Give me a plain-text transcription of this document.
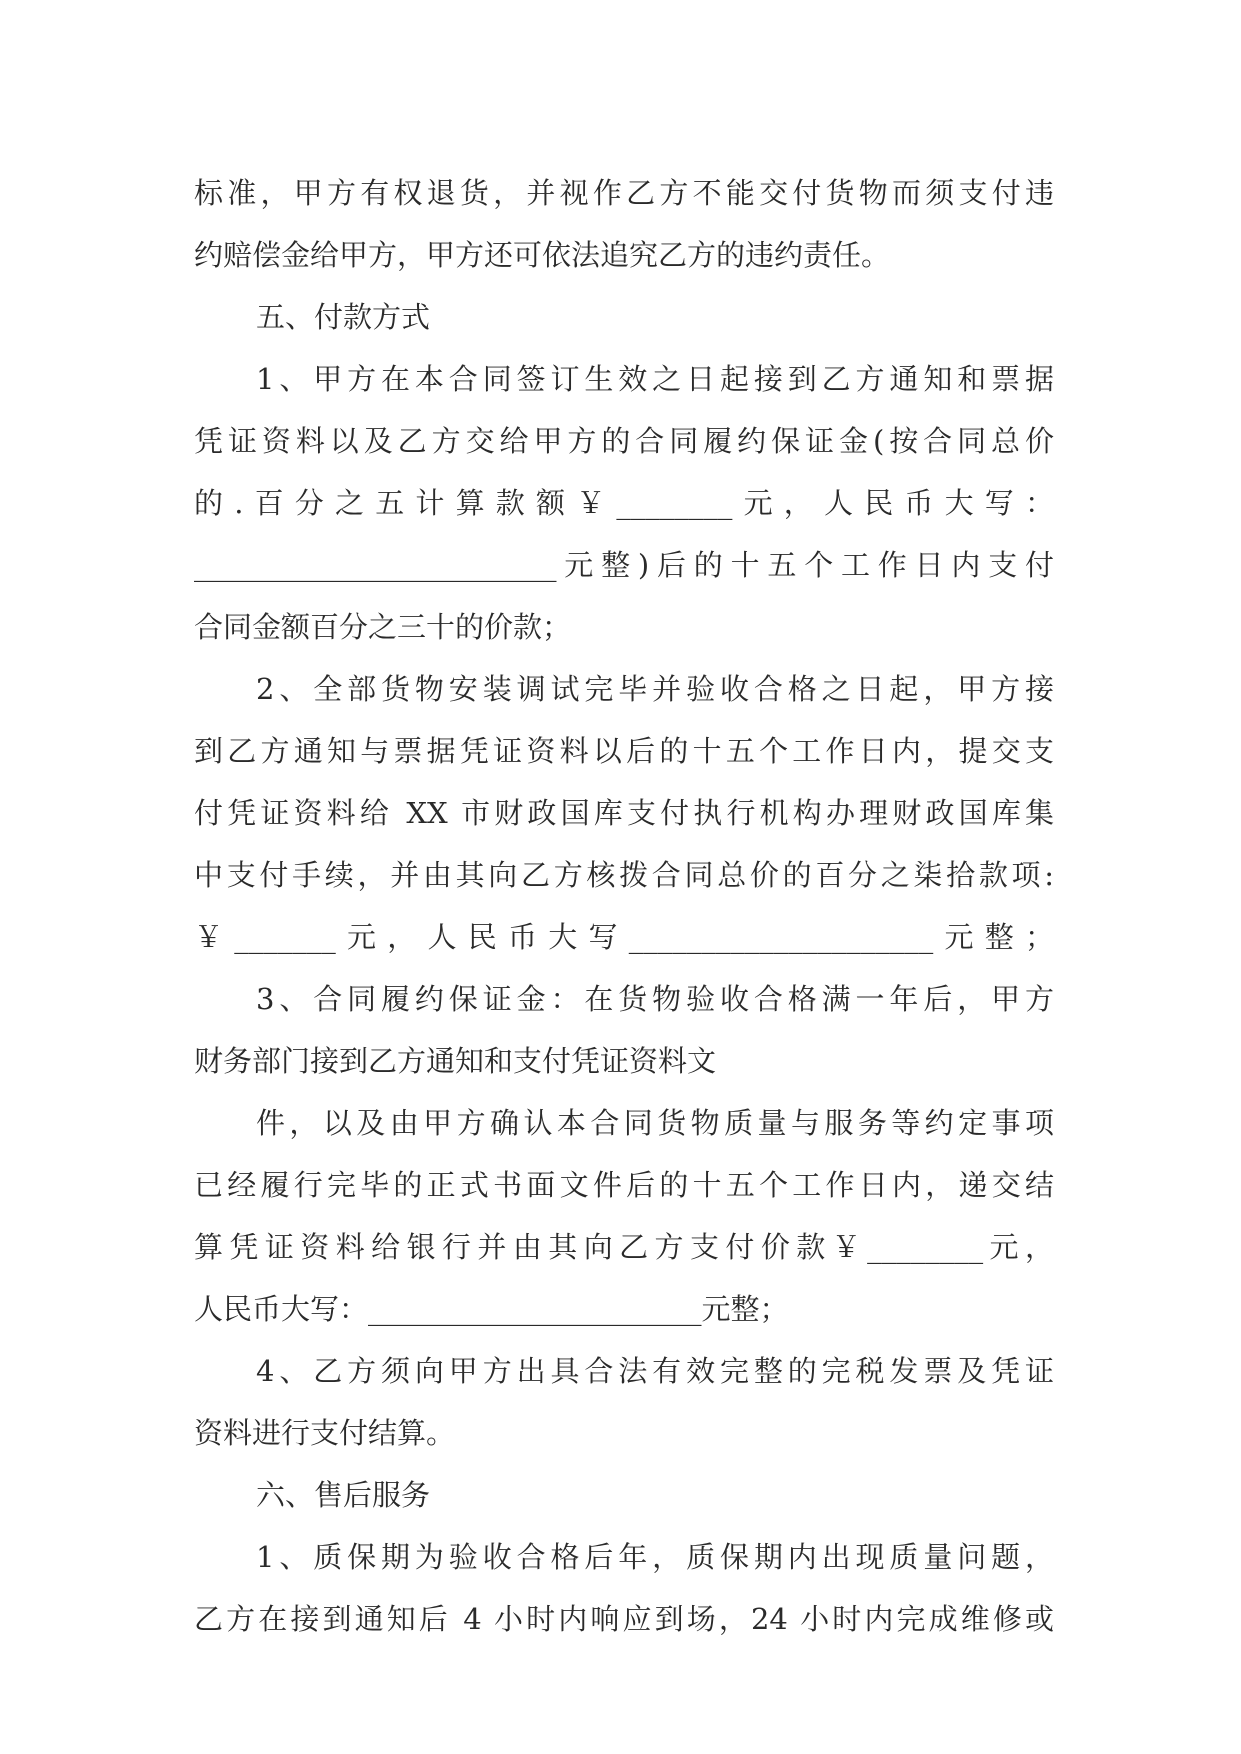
标准，甲方有权退货，并视作乙方不能交付货物而须支付违
约赔偿金给甲方，甲方还可依法追究乙方的违约责任。
五、付款方式
1、甲方在本合同签订生效之日起接到乙方通知和票据
凭证资料以及乙方交给甲方的合同履约保证金(按合同总价
的.百分之五计算款额￥________元，人民币大写：
_________________________元整)后的十五个工作日内支付
合同金额百分之三十的价款；
2、全部货物安装调试完毕并验收合格之日起，甲方接
到乙方通知与票据凭证资料以后的十五个工作日内，提交支
付凭证资料给 XX 市财政国库支付执行机构办理财政国库集
中支付手续，并由其向乙方核拨合同总价的百分之柒拾款项:
￥_______元，人民币大写_____________________元整；
3、合同履约保证金：在货物验收合格满一年后，甲方
财务部门接到乙方通知和支付凭证资料文
件，以及由甲方确认本合同货物质量与服务等约定事项
已经履行完毕的正式书面文件后的十五个工作日内，递交结
算凭证资料给银行并由其向乙方支付价款￥________元，
人民币大写：_______________________元整；
4、乙方须向甲方出具合法有效完整的完税发票及凭证
资料进行支付结算。
六、售后服务
1、质保期为验收合格后年，质保期内出现质量问题，
乙方在接到通知后 4 小时内响应到场，24 小时内完成维修或
